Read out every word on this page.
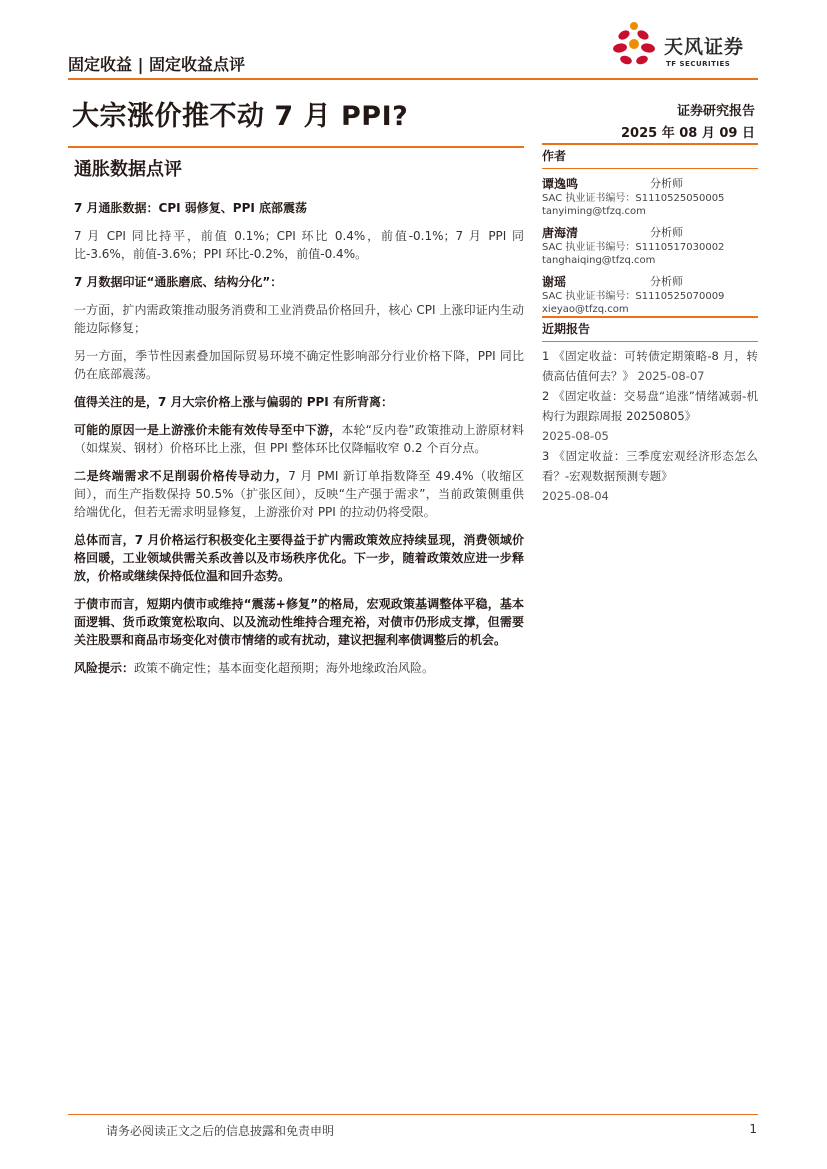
固定收益 | 固定收益点评
天风证券
TF SECURITIES
大宗涨价推不动 7 月 PPI?	证券研究报告
2025 年 08 月 09 日
通胀数据点评

7 月通胀数据：CPI 弱修复、PPI 底部震荡

7 月 CPI 同比持平，前值 0.1%；CPI 环比 0.4%，前值-0.1%；7 月 PPI 同比-3.6%，前值-3.6%；PPI 环比-0.2%，前值-0.4%。

7 月数据印证“通胀磨底、结构分化”：

一方面，扩内需政策推动服务消费和工业消费品价格回升，核心 CPI 上涨印证内生动能边际修复；

另一方面，季节性因素叠加国际贸易环境不确定性影响部分行业价格下降，PPI 同比仍在底部震荡。

值得关注的是，7 月大宗价格上涨与偏弱的 PPI 有所背离：

可能的原因一是上游涨价未能有效传导至中下游，本轮“反内卷”政策推动上游原材料（如煤炭、钢材）价格环比上涨，但 PPI 整体环比仅降幅收窄 0.2 个百分点。

二是终端需求不足削弱价格传导动力，7 月 PMI 新订单指数降至 49.4%（收缩区间），而生产指数保持 50.5%（扩张区间），反映“生产强于需求”，当前政策侧重供给端优化，但若无需求明显修复，上游涨价对 PPI 的拉动仍将受限。

总体而言，7 月价格运行积极变化主要得益于扩内需政策效应持续显现，消费领域价格回暖，工业领域供需关系改善以及市场秩序优化。下一步，随着政策效应进一步释放，价格或继续保持低位温和回升态势。

于债市而言，短期内债市或维持“震荡+修复”的格局，宏观政策基调整体平稳，基本面逻辑、货币政策宽松取向、以及流动性维持合理充裕，对债市仍形成支撑，但需要关注股票和商品市场变化对债市情绪的或有扰动，建议把握利率债调整后的机会。

风险提示：政策不确定性；基本面变化超预期；海外地缘政治风险。

作者
谭逸鸣	分析师
SAC 执业证书编号：S1110525050005
tanyiming@tfzq.com
唐海清	分析师
SAC 执业证书编号：S1110517030002
tanghaiqing@tfzq.com
谢瑶	分析师
SAC 执业证书编号：S1110525070009
xieyao@tfzq.com
近期报告
1 《固定收益：可转债定期策略-8 月，转债高估值何去？》 2025-08-07
2 《固定收益：交易盘“追涨”情绪减弱-机构行为跟踪周报 20250805》
2025-08-05
3 《固定收益：三季度宏观经济形态怎么看？-宏观数据预测专题》
2025-08-04
请务必阅读正文之后的信息披露和免责申明	1
